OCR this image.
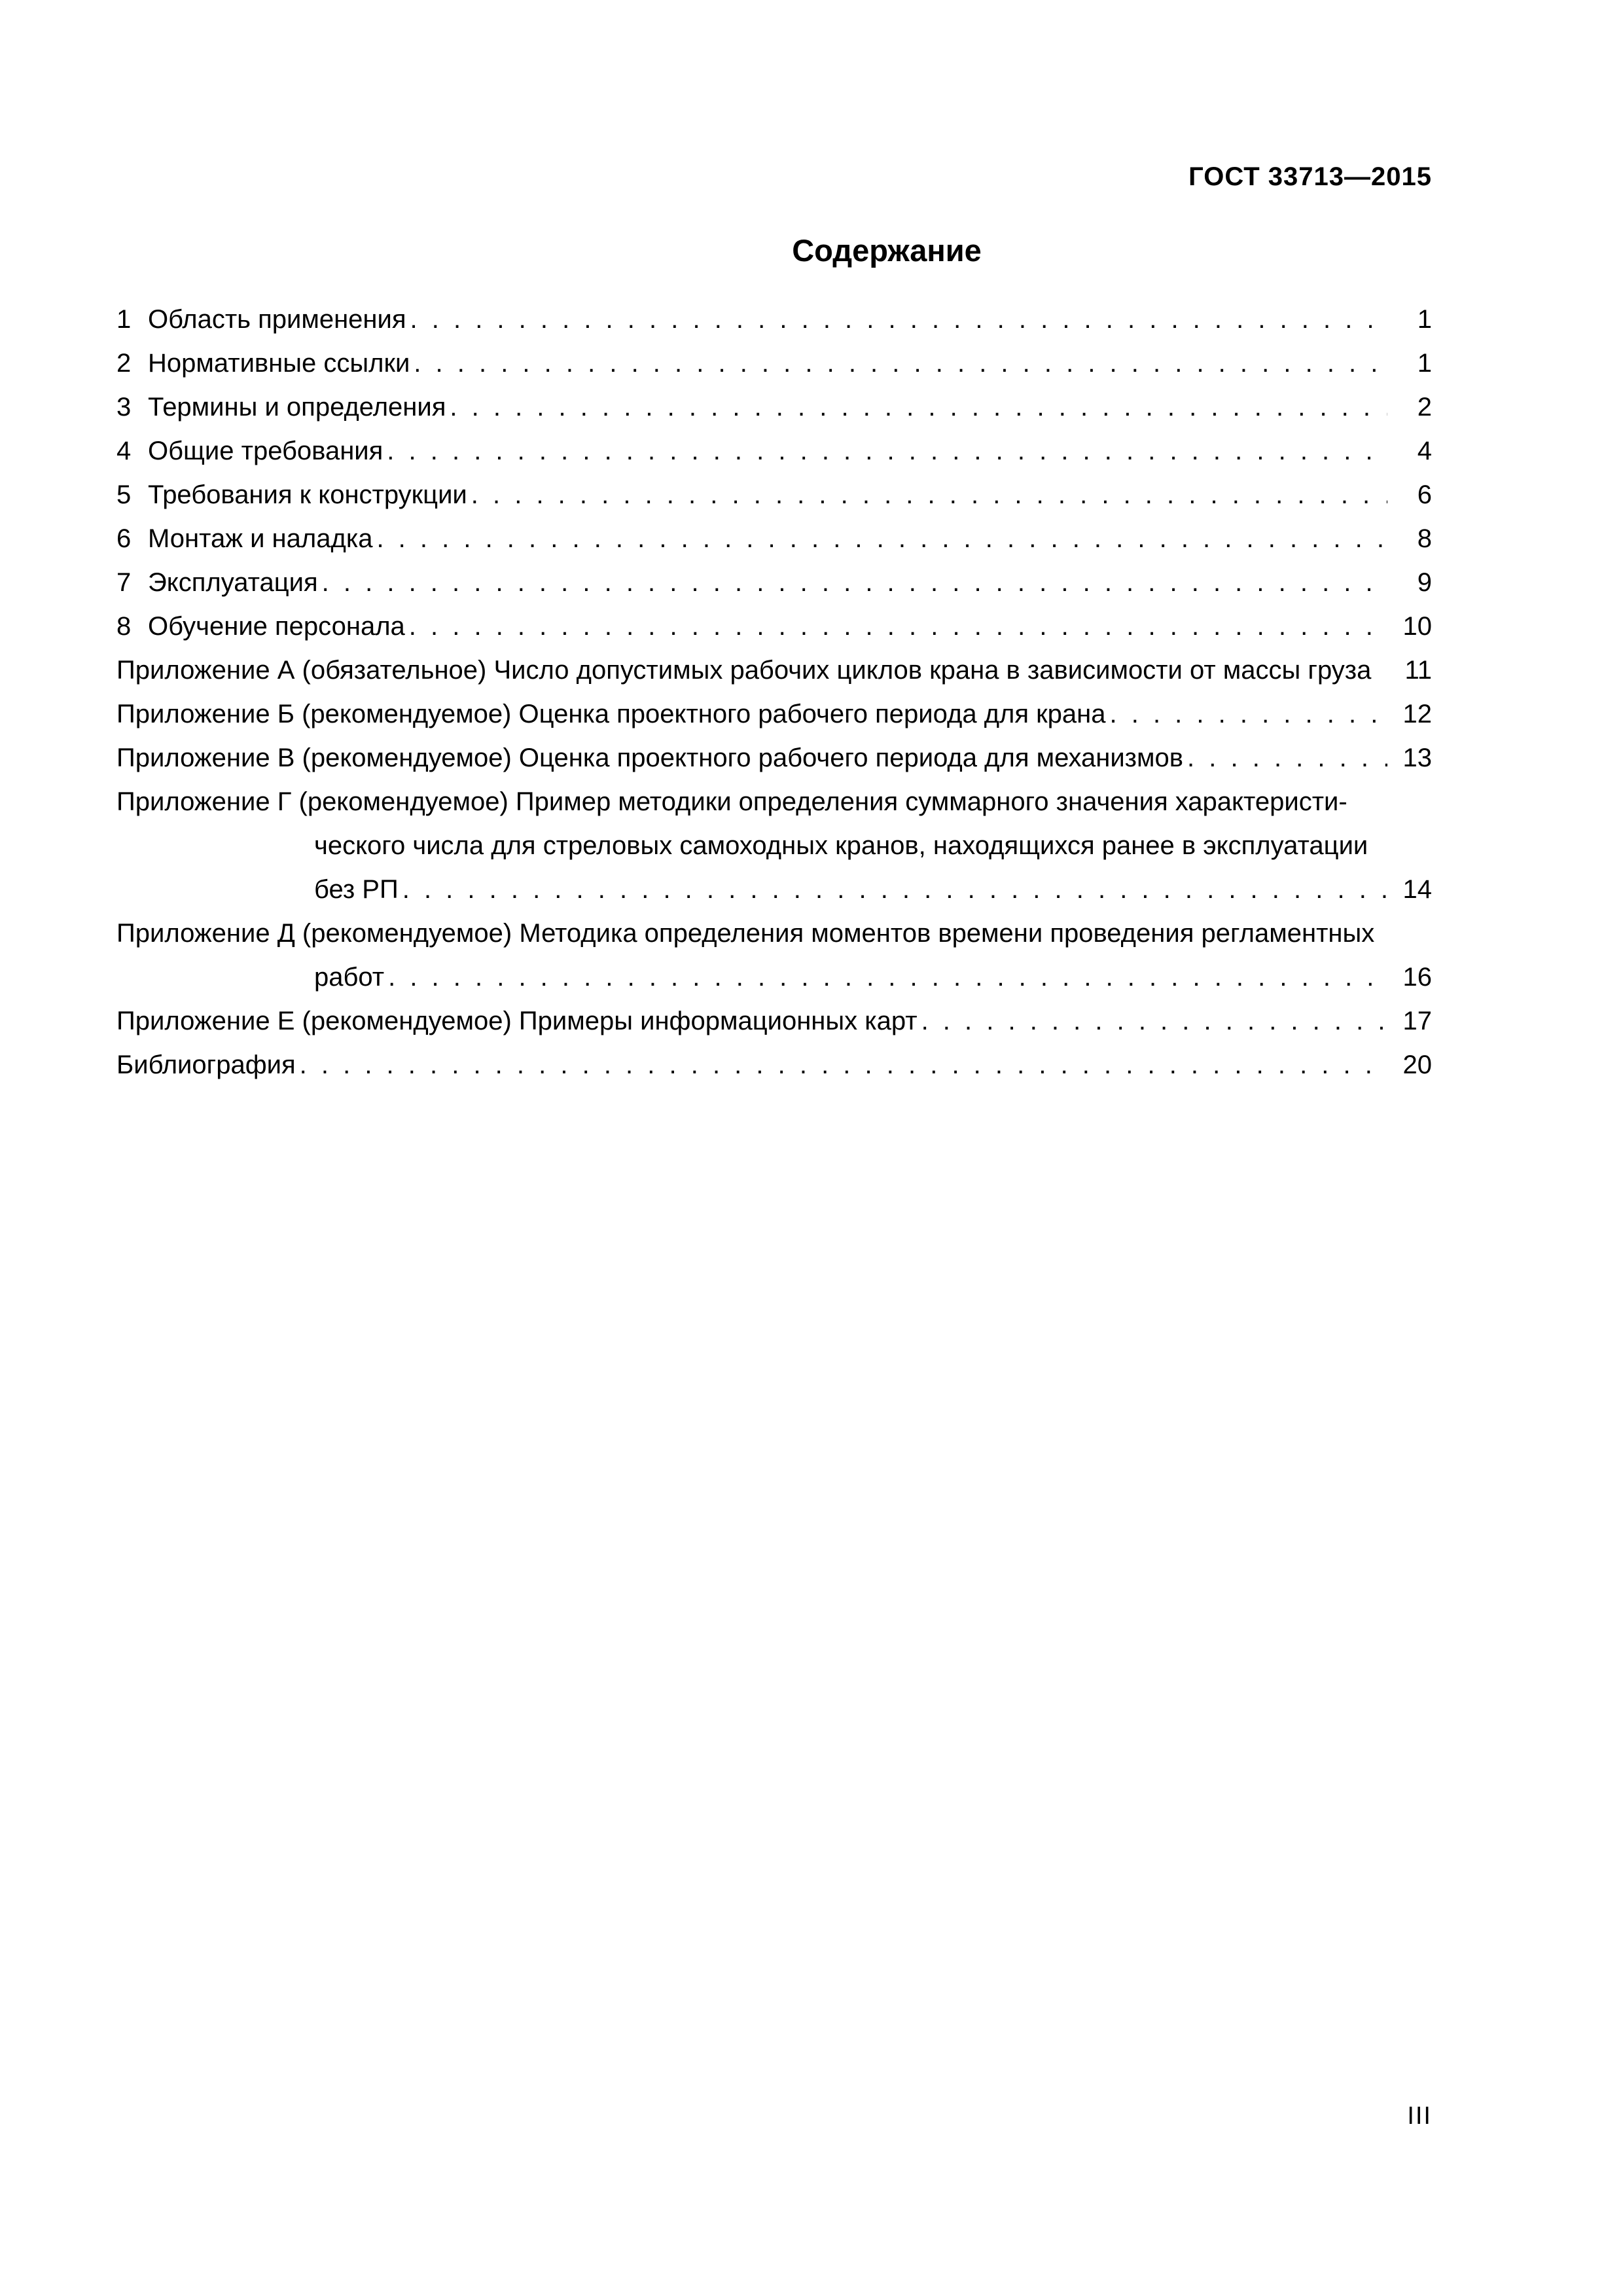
ГОСТ 33713—2015
Содержание
1 Область применения . . .	1
2 Нормативные ссылки . . .	1
3 Термины и определения . . .	2
4 Общие требования . . .	4
5 Требования к конструкции . . .	6
6 Монтаж и наладка . . .	8
7 Эксплуатация . . .	9
8 Обучение персонала . . .	10
Приложение А (обязательное) Число допустимых рабочих циклов крана в зависимости от массы груза	11
Приложение Б (рекомендуемое) Оценка проектного рабочего периода для крана . . .	12
Приложение В (рекомендуемое) Оценка проектного рабочего периода для механизмов . . .	13
Приложение Г (рекомендуемое) Пример методики определения суммарного значения характеристи-
ческого числа для стреловых самоходных кранов, находящихся ранее в эксплуатации
без РП . . .	14
Приложение Д (рекомендуемое) Методика определения моментов времени проведения регламентных
работ . . .	16
Приложение Е (рекомендуемое) Примеры информационных карт . . .	17
Библиография . . .	20
III
